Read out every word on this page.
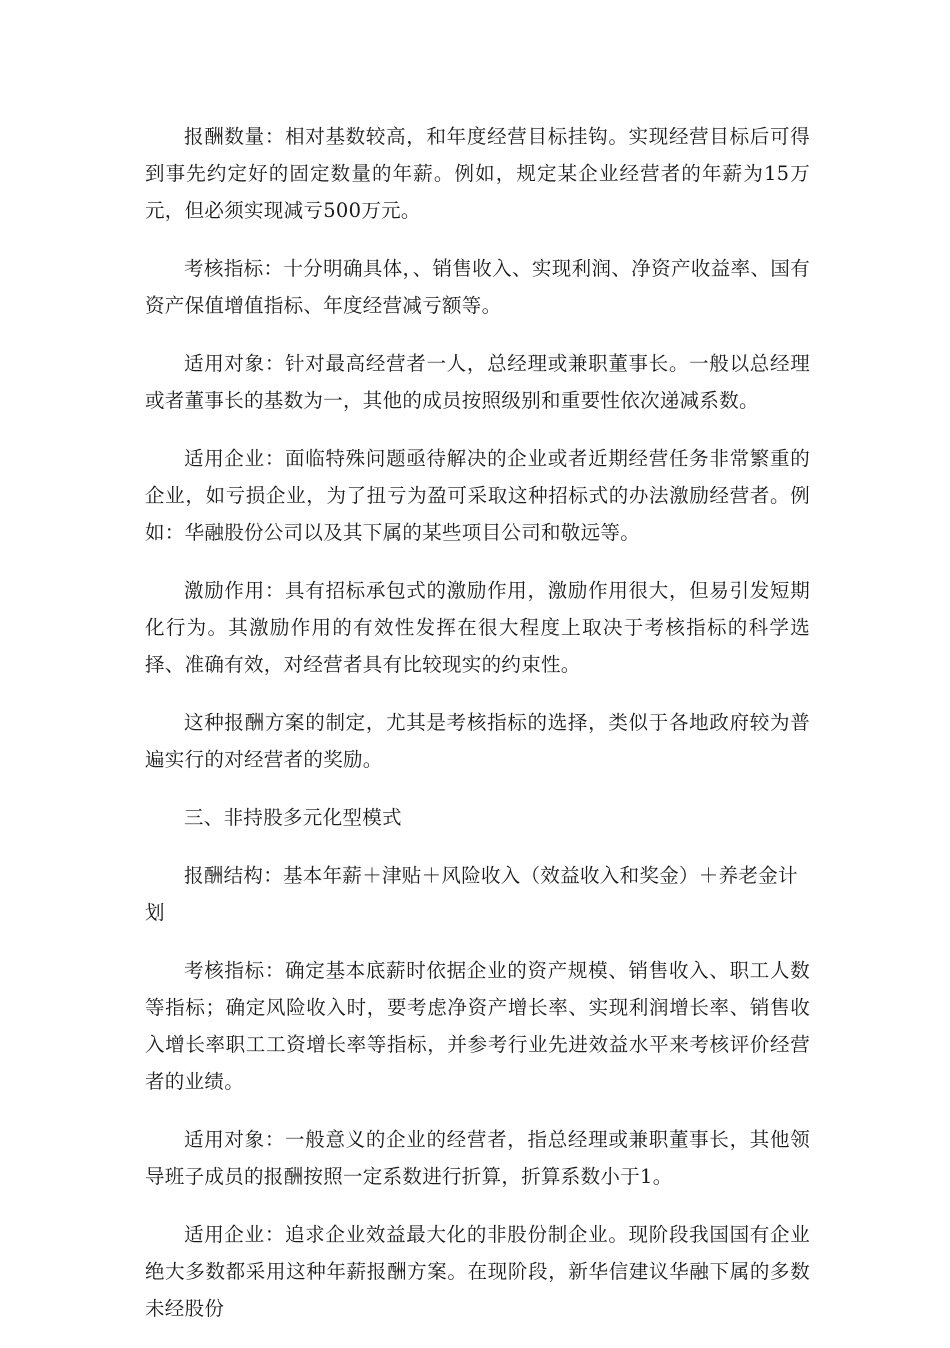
报酬数量：相对基数较高，和年度经营目标挂钩。实现经营目标后可得到事先约定好的固定数量的年薪。例如，规定某企业经营者的年薪为15万元，但必须实现减亏500万元。

考核指标：十分明确具体，、销售收入、实现利润、净资产收益率、国有资产保值增值指标、年度经营减亏额等。

适用对象：针对最高经营者一人，总经理或兼职董事长。一般以总经理或者董事长的基数为一，其他的成员按照级别和重要性依次递减系数。

适用企业：面临特殊问题亟待解决的企业或者近期经营任务非常繁重的企业，如亏损企业，为了扭亏为盈可采取这种招标式的办法激励经营者。例如：华融股份公司以及其下属的某些项目公司和敬远等。

激励作用：具有招标承包式的激励作用，激励作用很大，但易引发短期化行为。其激励作用的有效性发挥在很大程度上取决于考核指标的科学选择、准确有效，对经营者具有比较现实的约束性。

这种报酬方案的制定，尤其是考核指标的选择，类似于各地政府较为普遍实行的对经营者的奖励。

三、非持股多元化型模式

报酬结构：基本年薪＋津贴＋风险收入（效益收入和奖金）＋养老金计划

考核指标：确定基本底薪时依据企业的资产规模、销售收入、职工人数等指标；确定风险收入时，要考虑净资产增长率、实现利润增长率、销售收入增长率职工工资增长率等指标，并参考行业先进效益水平来考核评价经营者的业绩。

适用对象：一般意义的企业的经营者，指总经理或兼职董事长，其他领导班子成员的报酬按照一定系数进行折算，折算系数小于1。

适用企业：追求企业效益最大化的非股份制企业。现阶段我国国有企业绝大多数都采用这种年薪报酬方案。在现阶段，新华信建议华融下属的多数未经股份
